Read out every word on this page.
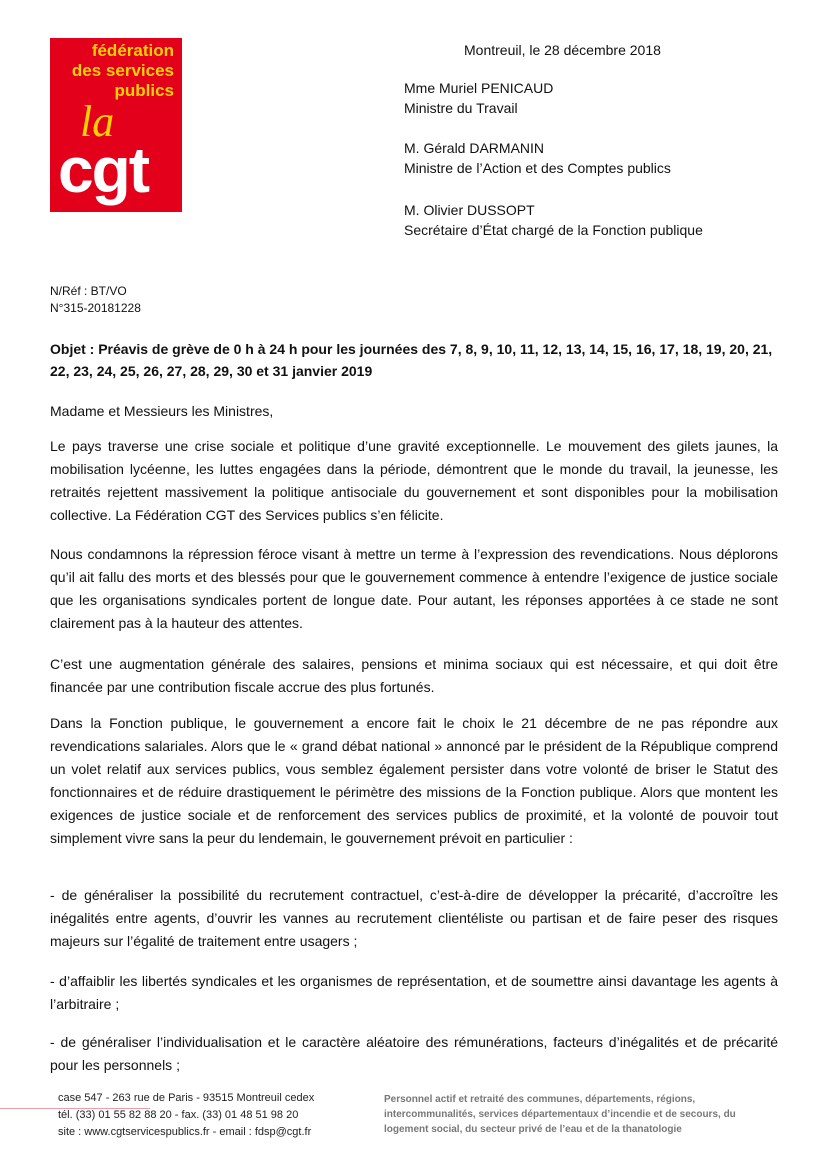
fédération
des services
publics
la
cgt
Montreuil, le 28 décembre 2018
Mme Muriel PENICAUD
Ministre du Travail
M. Gérald DARMANIN
Ministre de l’Action et des Comptes publics
M. Olivier DUSSOPT
Secrétaire d’État chargé de la Fonction publique
N/Réf : BT/VO
N°315-20181228
Objet : Préavis de grève de 0 h à 24 h pour les journées des 7, 8, 9, 10, 11, 12, 13, 14, 15, 16, 17, 18, 19, 20, 21, 22, 23, 24, 25, 26, 27, 28, 29, 30 et 31 janvier 2019
Madame et Messieurs les Ministres,
Le pays traverse une crise sociale et politique d’une gravité exceptionnelle. Le mouvement des gilets jaunes, la mobilisation lycéenne, les luttes engagées dans la période, démontrent que le monde du travail, la jeunesse, les retraités rejettent massivement la politique antisociale du gouvernement et sont disponibles pour la mobilisation collective. La Fédération CGT des Services publics s’en félicite.
Nous condamnons la répression féroce visant à mettre un terme à l’expression des revendications. Nous déplorons qu’il ait fallu des morts et des blessés pour que le gouvernement commence à entendre l’exigence de justice sociale que les organisations syndicales portent de longue date. Pour autant, les réponses apportées à ce stade ne sont clairement pas à la hauteur des attentes.
C’est une augmentation générale des salaires, pensions et minima sociaux qui est nécessaire, et qui doit être financée par une contribution fiscale accrue des plus fortunés.
Dans la Fonction publique, le gouvernement a encore fait le choix le 21 décembre de ne pas répondre aux revendications salariales. Alors que le « grand débat national » annoncé par le président de la République comprend un volet relatif aux services publics, vous semblez également persister dans votre volonté de briser le Statut des fonctionnaires et de réduire drastiquement le périmètre des missions de la Fonction publique. Alors que montent les exigences de justice sociale et de renforcement des services publics de proximité, et la volonté de pouvoir tout simplement vivre sans la peur du lendemain, le gouvernement prévoit en particulier :
- de généraliser la possibilité du recrutement contractuel, c’est-à-dire de développer la précarité, d’accroître les inégalités entre agents, d’ouvrir les vannes au recrutement clientéliste ou partisan et de faire peser des risques majeurs sur l’égalité de traitement entre usagers ;
- d’affaiblir les libertés syndicales et les organismes de représentation, et de soumettre ainsi davantage les agents à l’arbitraire ;
- de généraliser l’individualisation et le caractère aléatoire des rémunérations, facteurs d’inégalités et de précarité pour les personnels ;
case 547 - 263 rue de Paris - 93515 Montreuil cedex
tél. (33) 01 55 82 88 20 - fax. (33) 01 48 51 98 20
site : www.cgtservicespublics.fr - email : fdsp@cgt.fr
Personnel actif et retraité des communes, départements, régions, intercommunalités, services départementaux d’incendie et de secours, du logement social, du secteur privé de l’eau et de la thanatologie
